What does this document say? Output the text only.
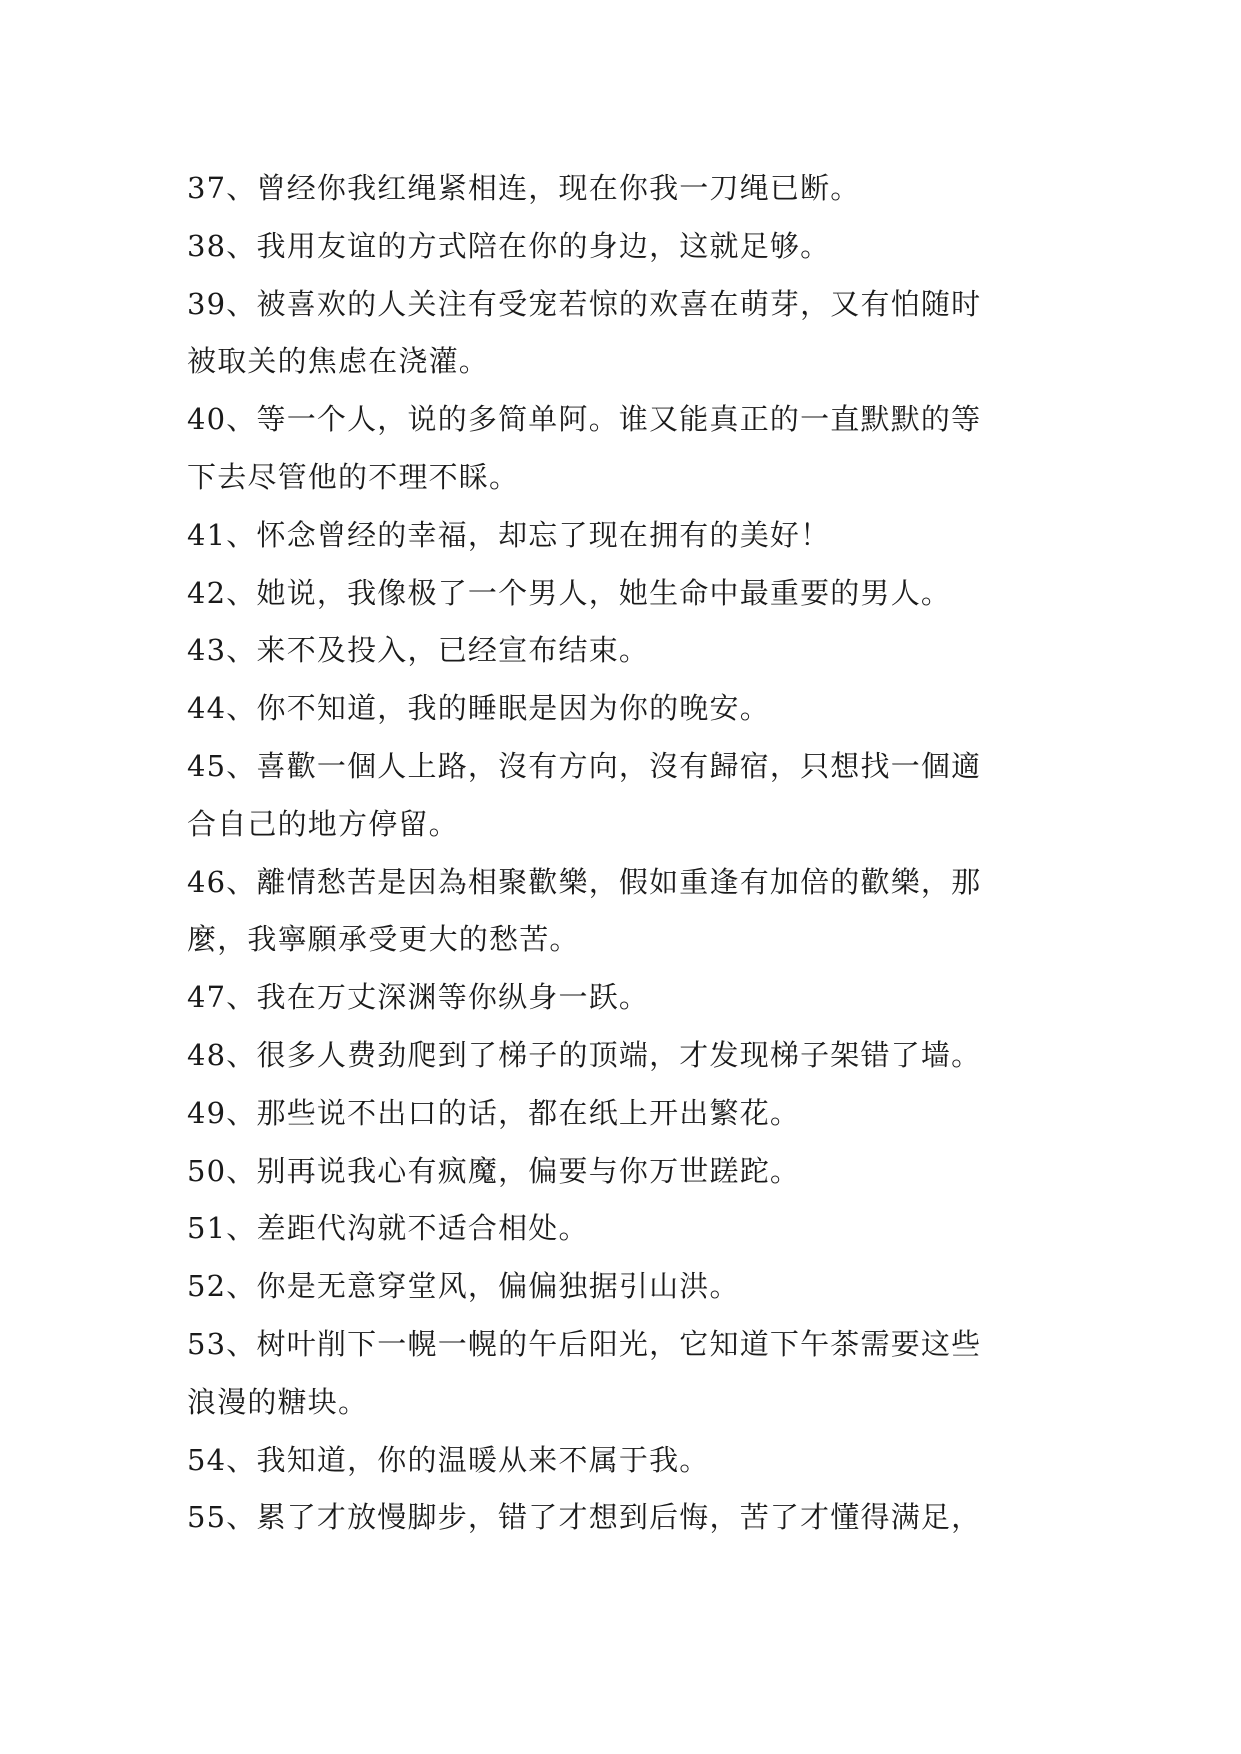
37、曾经你我红绳紧相连，现在你我一刀绳已断。
38、我用友谊的方式陪在你的身边，这就足够。
39、被喜欢的人关注有受宠若惊的欢喜在萌芽，又有怕随时
被取关的焦虑在浇灌。
40、等一个人，说的多简单阿。谁又能真正的一直默默的等
下去尽管他的不理不睬。
41、怀念曾经的幸福，却忘了现在拥有的美好！
42、她说，我像极了一个男人，她生命中最重要的男人。
43、来不及投入，已经宣布结束。
44、你不知道，我的睡眠是因为你的晚安。
45、喜歡一個人上路，沒有方向，沒有歸宿，只想找一個適
合自己的地方停留。
46、離情愁苦是因為相聚歡樂，假如重逢有加倍的歡樂，那
麼，我寧願承受更大的愁苦。
47、我在万丈深渊等你纵身一跃。
48、很多人费劲爬到了梯子的顶端，才发现梯子架错了墙。
49、那些说不出口的话，都在纸上开出繁花。
50、别再说我心有疯魔，偏要与你万世蹉跎。
51、差距代沟就不适合相处。
52、你是无意穿堂风，偏偏独据引山洪。
53、树叶削下一幌一幌的午后阳光，它知道下午茶需要这些
浪漫的糖块。
54、我知道，你的温暖从来不属于我。
55、累了才放慢脚步，错了才想到后悔，苦了才懂得满足，
